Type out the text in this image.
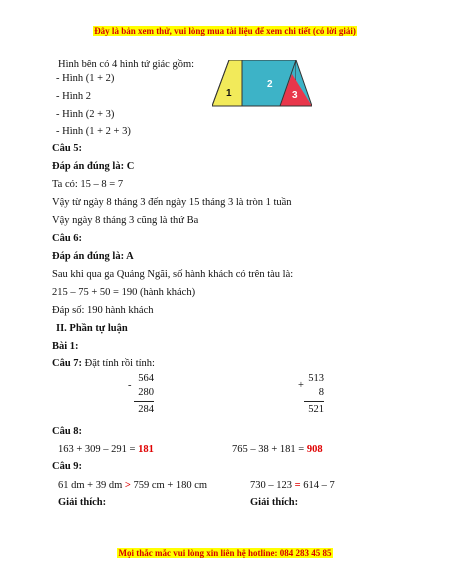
Đây là bản xem thử, vui lòng mua tài liệu để xem chi tiết (có lời giải)
Hình bên có 4 hình tứ giác gồm:
- Hình (1 + 2)
- Hình 2
- Hình (2 + 3)
- Hình (1 + 2 + 3)
1
2
3
Câu 5:
Đáp án đúng là: C
Ta có: 15 – 8 = 7
Vậy từ ngày 8 tháng 3 đến ngày 15 tháng 3 là tròn 1 tuần
Vậy ngày 8 tháng 3 cũng là thứ Ba
Câu 6:
Đáp án đúng là: A
Sau khi qua ga Quảng Ngãi, số hành khách có trên tàu là:
215 – 75 + 50 = 190 (hành khách)
Đáp số: 190 hành khách
II. Phần tự luận
Bài 1:
Câu 7: Đặt tính rồi tính:
-
564
280
284
+
513
8
521
Câu 8:
163 + 309 – 291 = 181	765 – 38 + 181 = 908
Câu 9:
61 dm + 39 dm > 759 cm + 180 cm	730 – 123 = 614 – 7
Giải thích:	Giải thích:
Mọi thắc mắc vui lòng xin liên hệ hotline: 084 283 45 85
